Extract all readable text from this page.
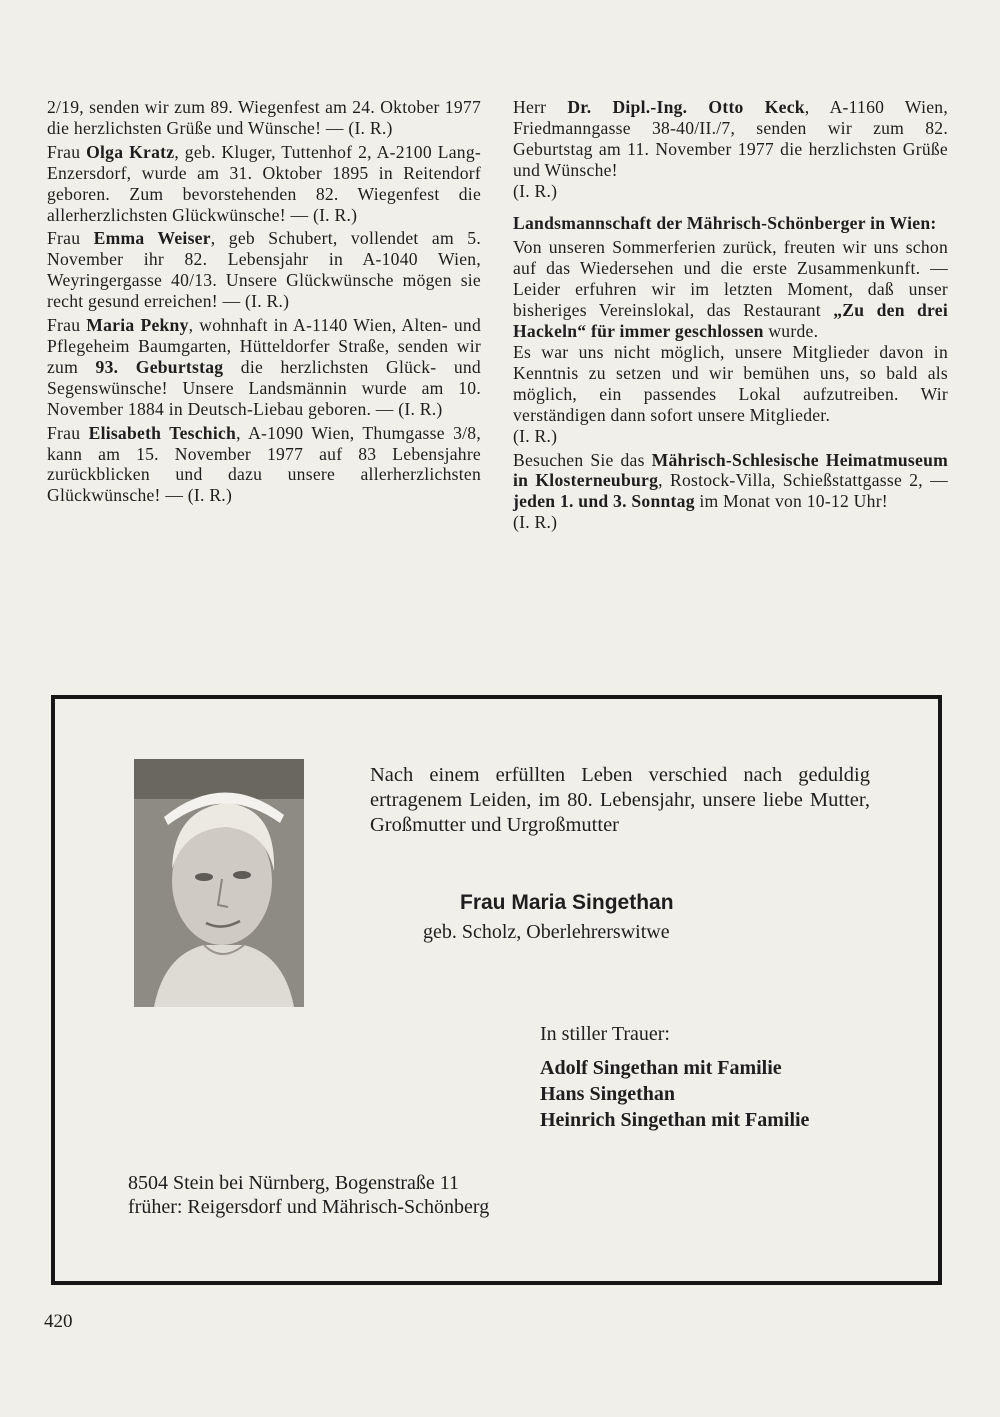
2/19, senden wir zum 89. Wiegenfest am 24. Oktober 1977 die herzlichsten Grüße und Wünsche! — (I. R.)

Frau Olga Kratz, geb. Kluger, Tuttenhof 2, A-2100 Lang-Enzersdorf, wurde am 31. Oktober 1895 in Reitendorf geboren. Zum bevorstehenden 82. Wiegenfest die allerherzlichsten Glückwünsche! — (I. R.)

Frau Emma Weiser, geb Schubert, vollendet am 5. November ihr 82. Lebensjahr in A-1040 Wien, Weyringergasse 40/13. Unsere Glückwünsche mögen sie recht gesund erreichen! — (I. R.)

Frau Maria Pekny, wohnhaft in A-1140 Wien, Alten- und Pflegeheim Baumgarten, Hütteldorfer Straße, senden wir zum 93. Geburtstag die herzlichsten Glück- und Segenswünsche! Unsere Landsmännin wurde am 10. November 1884 in Deutsch-Liebau geboren. — (I. R.)

Frau Elisabeth Teschich, A-1090 Wien, Thumgasse 3/8, kann am 15. November 1977 auf 83 Lebensjahre zurückblicken und dazu unsere allerherzlichsten Glückwünsche! — (I. R.)

Herr Dr. Dipl.-Ing. Otto Keck, A-1160 Wien, Friedmanngasse 38-40/II./7, senden wir zum 82. Geburtstag am 11. November 1977 die herzlichsten Grüße und Wünsche!
(I. R.)

Landsmannschaft der Mährisch-Schönberger in Wien:

Von unseren Sommerferien zurück, freuten wir uns schon auf das Wiedersehen und die erste Zusammenkunft. — Leider erfuhren wir im letzten Moment, daß unser bisheriges Vereinslokal, das Restaurant „Zu den drei Hackeln“ für immer geschlossen wurde.

Es war uns nicht möglich, unsere Mitglieder davon in Kenntnis zu setzen und wir bemühen uns, so bald als möglich, ein passendes Lokal aufzutreiben. Wir verständigen dann sofort unsere Mitglieder.
(I. R.)

Besuchen Sie das Mährisch-Schlesische Heimatmuseum in Klosterneuburg, Rostock-Villa, Schießstattgasse 2, — jeden 1. und 3. Sonntag im Monat von 10-12 Uhr!
(I. R.)

Nach einem erfüllten Leben verschied nach geduldig ertragenem Leiden, im 80. Lebensjahr, unsere liebe Mutter, Großmutter und Urgroßmutter
Frau Maria Singethan
geb. Scholz, Oberlehrerswitwe
In stiller Trauer:
Adolf Singethan mit Familie
Hans Singethan
Heinrich Singethan mit Familie
8504 Stein bei Nürnberg, Bogenstraße 11
früher: Reigersdorf und Mährisch-Schönberg
420
